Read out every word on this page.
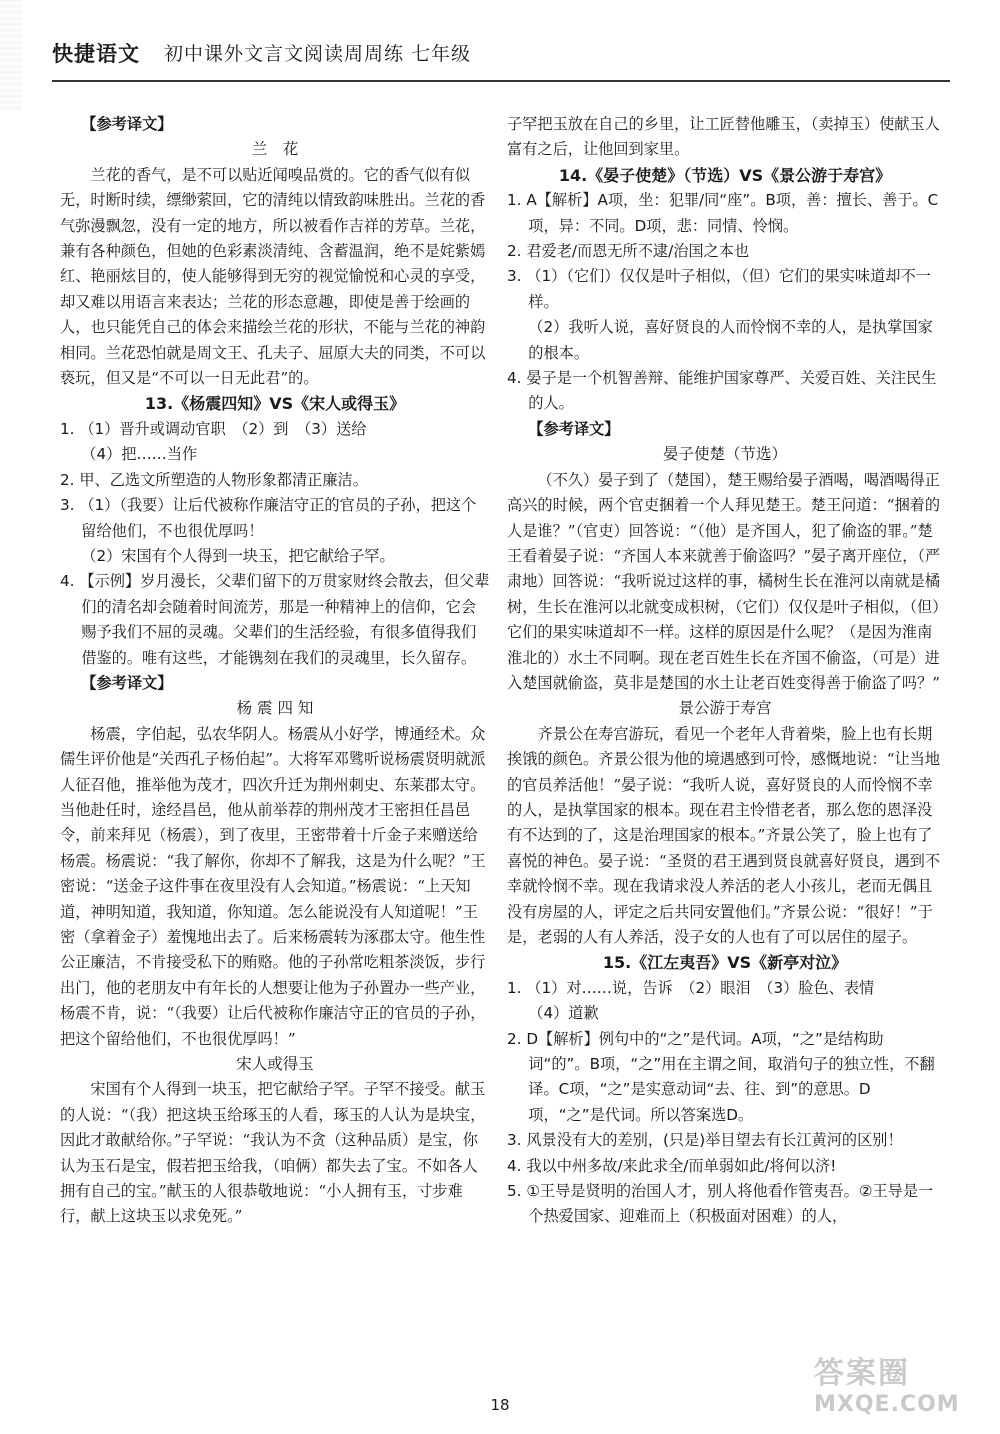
快捷语文 初中课外文言文阅读周周练 七年级

【参考译文】

兰　花

兰花的香气，是不可以贴近闻嗅品赏的。它的香气似有似无，时断时续，缥缈萦回，它的清纯以情致韵味胜出。兰花的香气弥漫飘忽，没有一定的地方，所以被看作吉祥的芳草。兰花，兼有各种颜色，但她的色彩素淡清纯、含蓄温润，绝不是姹紫嫣红、艳丽炫目的，使人能够得到无穷的视觉愉悦和心灵的享受，却又难以用语言来表达；兰花的形态意趣，即使是善于绘画的人，也只能凭自己的体会来描绘兰花的形状，不能与兰花的神韵相同。兰花恐怕就是周文王、孔夫子、屈原大夫的同类，不可以亵玩，但又是“不可以一日无此君”的。

13.《杨震四知》VS《宋人或得玉》

1. （1）晋升或调动官职　（2）到　（3）送给

（4）把……当作

2. 甲、乙选文所塑造的人物形象都清正廉洁。

3. （1）（我要）让后代被称作廉洁守正的官员的子孙，把这个留给他们，不也很优厚吗！

（2）宋国有个人得到一块玉，把它献给子罕。

4. 【示例】岁月漫长，父辈们留下的万贯家财终会散去，但父辈们的清名却会随着时间流芳，那是一种精神上的信仰，它会赐予我们不屈的灵魂。父辈们的生活经验，有很多值得我们借鉴的。唯有这些，才能镌刻在我们的灵魂里，长久留存。

【参考译文】

杨 震 四 知

杨震，字伯起，弘农华阴人。杨震从小好学，博通经术。众儒生评价他是“关西孔子杨伯起”。大将军邓骘听说杨震贤明就派人征召他，推举他为茂才，四次升迁为荆州刺史、东莱郡太守。当他赴任时，途经昌邑，他从前举荐的荆州茂才王密担任昌邑令，前来拜见（杨震），到了夜里，王密带着十斤金子来赠送给杨震。杨震说：“我了解你，你却不了解我，这是为什么呢？”王密说：“送金子这件事在夜里没有人会知道。”杨震说：“上天知道，神明知道，我知道，你知道。怎么能说没有人知道呢！”王密（拿着金子）羞愧地出去了。后来杨震转为涿郡太守。他生性公正廉洁，不肯接受私下的贿赂。他的子孙常吃粗茶淡饭，步行出门，他的老朋友中有年长的人想要让他为子孙置办一些产业，杨震不肯，说：“（我要）让后代被称作廉洁守正的官员的子孙，把这个留给他们，不也很优厚吗！”

宋人或得玉

宋国有个人得到一块玉，把它献给子罕。子罕不接受。献玉的人说：“（我）把这块玉给琢玉的人看，琢玉的人认为是块宝，因此才敢献给你。”子罕说：“我认为不贪（这种品质）是宝，你认为玉石是宝，假若把玉给我，（咱俩）都失去了宝。不如各人拥有自己的宝。”献玉的人很恭敬地说：“小人拥有玉，寸步难行，献上这块玉以求免死。”

子罕把玉放在自己的乡里，让工匠替他雕玉，（卖掉玉）使献玉人富有之后，让他回到家里。

14.《晏子使楚》（节选）VS《景公游于寿宫》

1. A【解析】A项，坐：犯罪/同“座”。B项，善：擅长、善于。C项，异：不同。D项，悲：同情、怜悯。

2. 君爱老/而恩无所不逮/治国之本也

3. （1）（它们）仅仅是叶子相似，（但）它们的果实味道却不一样。

（2）我听人说，喜好贤良的人而怜悯不幸的人，是执掌国家的根本。

4. 晏子是一个机智善辩、能维护国家尊严、关爱百姓、关注民生的人。

【参考译文】

晏子使楚（节选）

（不久）晏子到了（楚国），楚王赐给晏子酒喝，喝酒喝得正高兴的时候，两个官吏捆着一个人拜见楚王。楚王问道：“捆着的人是谁？”（官吏）回答说：“（他）是齐国人，犯了偷盗的罪。”楚王看着晏子说：“齐国人本来就善于偷盗吗？”晏子离开座位，（严肃地）回答说：“我听说过这样的事，橘树生长在淮河以南就是橘树，生长在淮河以北就变成枳树，（它们）仅仅是叶子相似，（但）它们的果实味道却不一样。这样的原因是什么呢？（是因为淮南淮北的）水土不同啊。现在老百姓生长在齐国不偷盗，（可是）进入楚国就偷盗，莫非是楚国的水土让老百姓变得善于偷盗了吗？”

景公游于寿宫

齐景公在寿宫游玩，看见一个老年人背着柴，脸上也有长期挨饿的颜色。齐景公很为他的境遇感到可怜，感慨地说：“让当地的官员养活他！”晏子说：“我听人说，喜好贤良的人而怜悯不幸的人，是执掌国家的根本。现在君主怜惜老者，那么您的恩泽没有不达到的了，这是治理国家的根本。”齐景公笑了，脸上也有了喜悦的神色。晏子说：“圣贤的君王遇到贤良就喜好贤良，遇到不幸就怜悯不幸。现在我请求没人养活的老人小孩儿，老而无偶且没有房屋的人，评定之后共同安置他们。”齐景公说：“很好！”于是，老弱的人有人养活，没子女的人也有了可以居住的屋子。

15.《江左夷吾》VS《新亭对泣》

1. （1）对……说，告诉　（2）眼泪　（3）脸色、表情

（4）道歉

2. D【解析】例句中的“之”是代词。A项，“之”是结构助词“的”。B项，“之”用在主谓之间，取消句子的独立性，不翻译。C项，“之”是实意动词“去、往、到”的意思。D项，“之”是代词。所以答案选D。

3. 风景没有大的差别，(只是)举目望去有长江黄河的区别！

4. 我以中州多故/来此求全/而单弱如此/将何以济!

5. ①王导是贤明的治国人才，别人将他看作管夷吾。②王导是一个热爱国家、迎难而上（积极面对困难）的人，

18
答案圈
MXQE.COM
